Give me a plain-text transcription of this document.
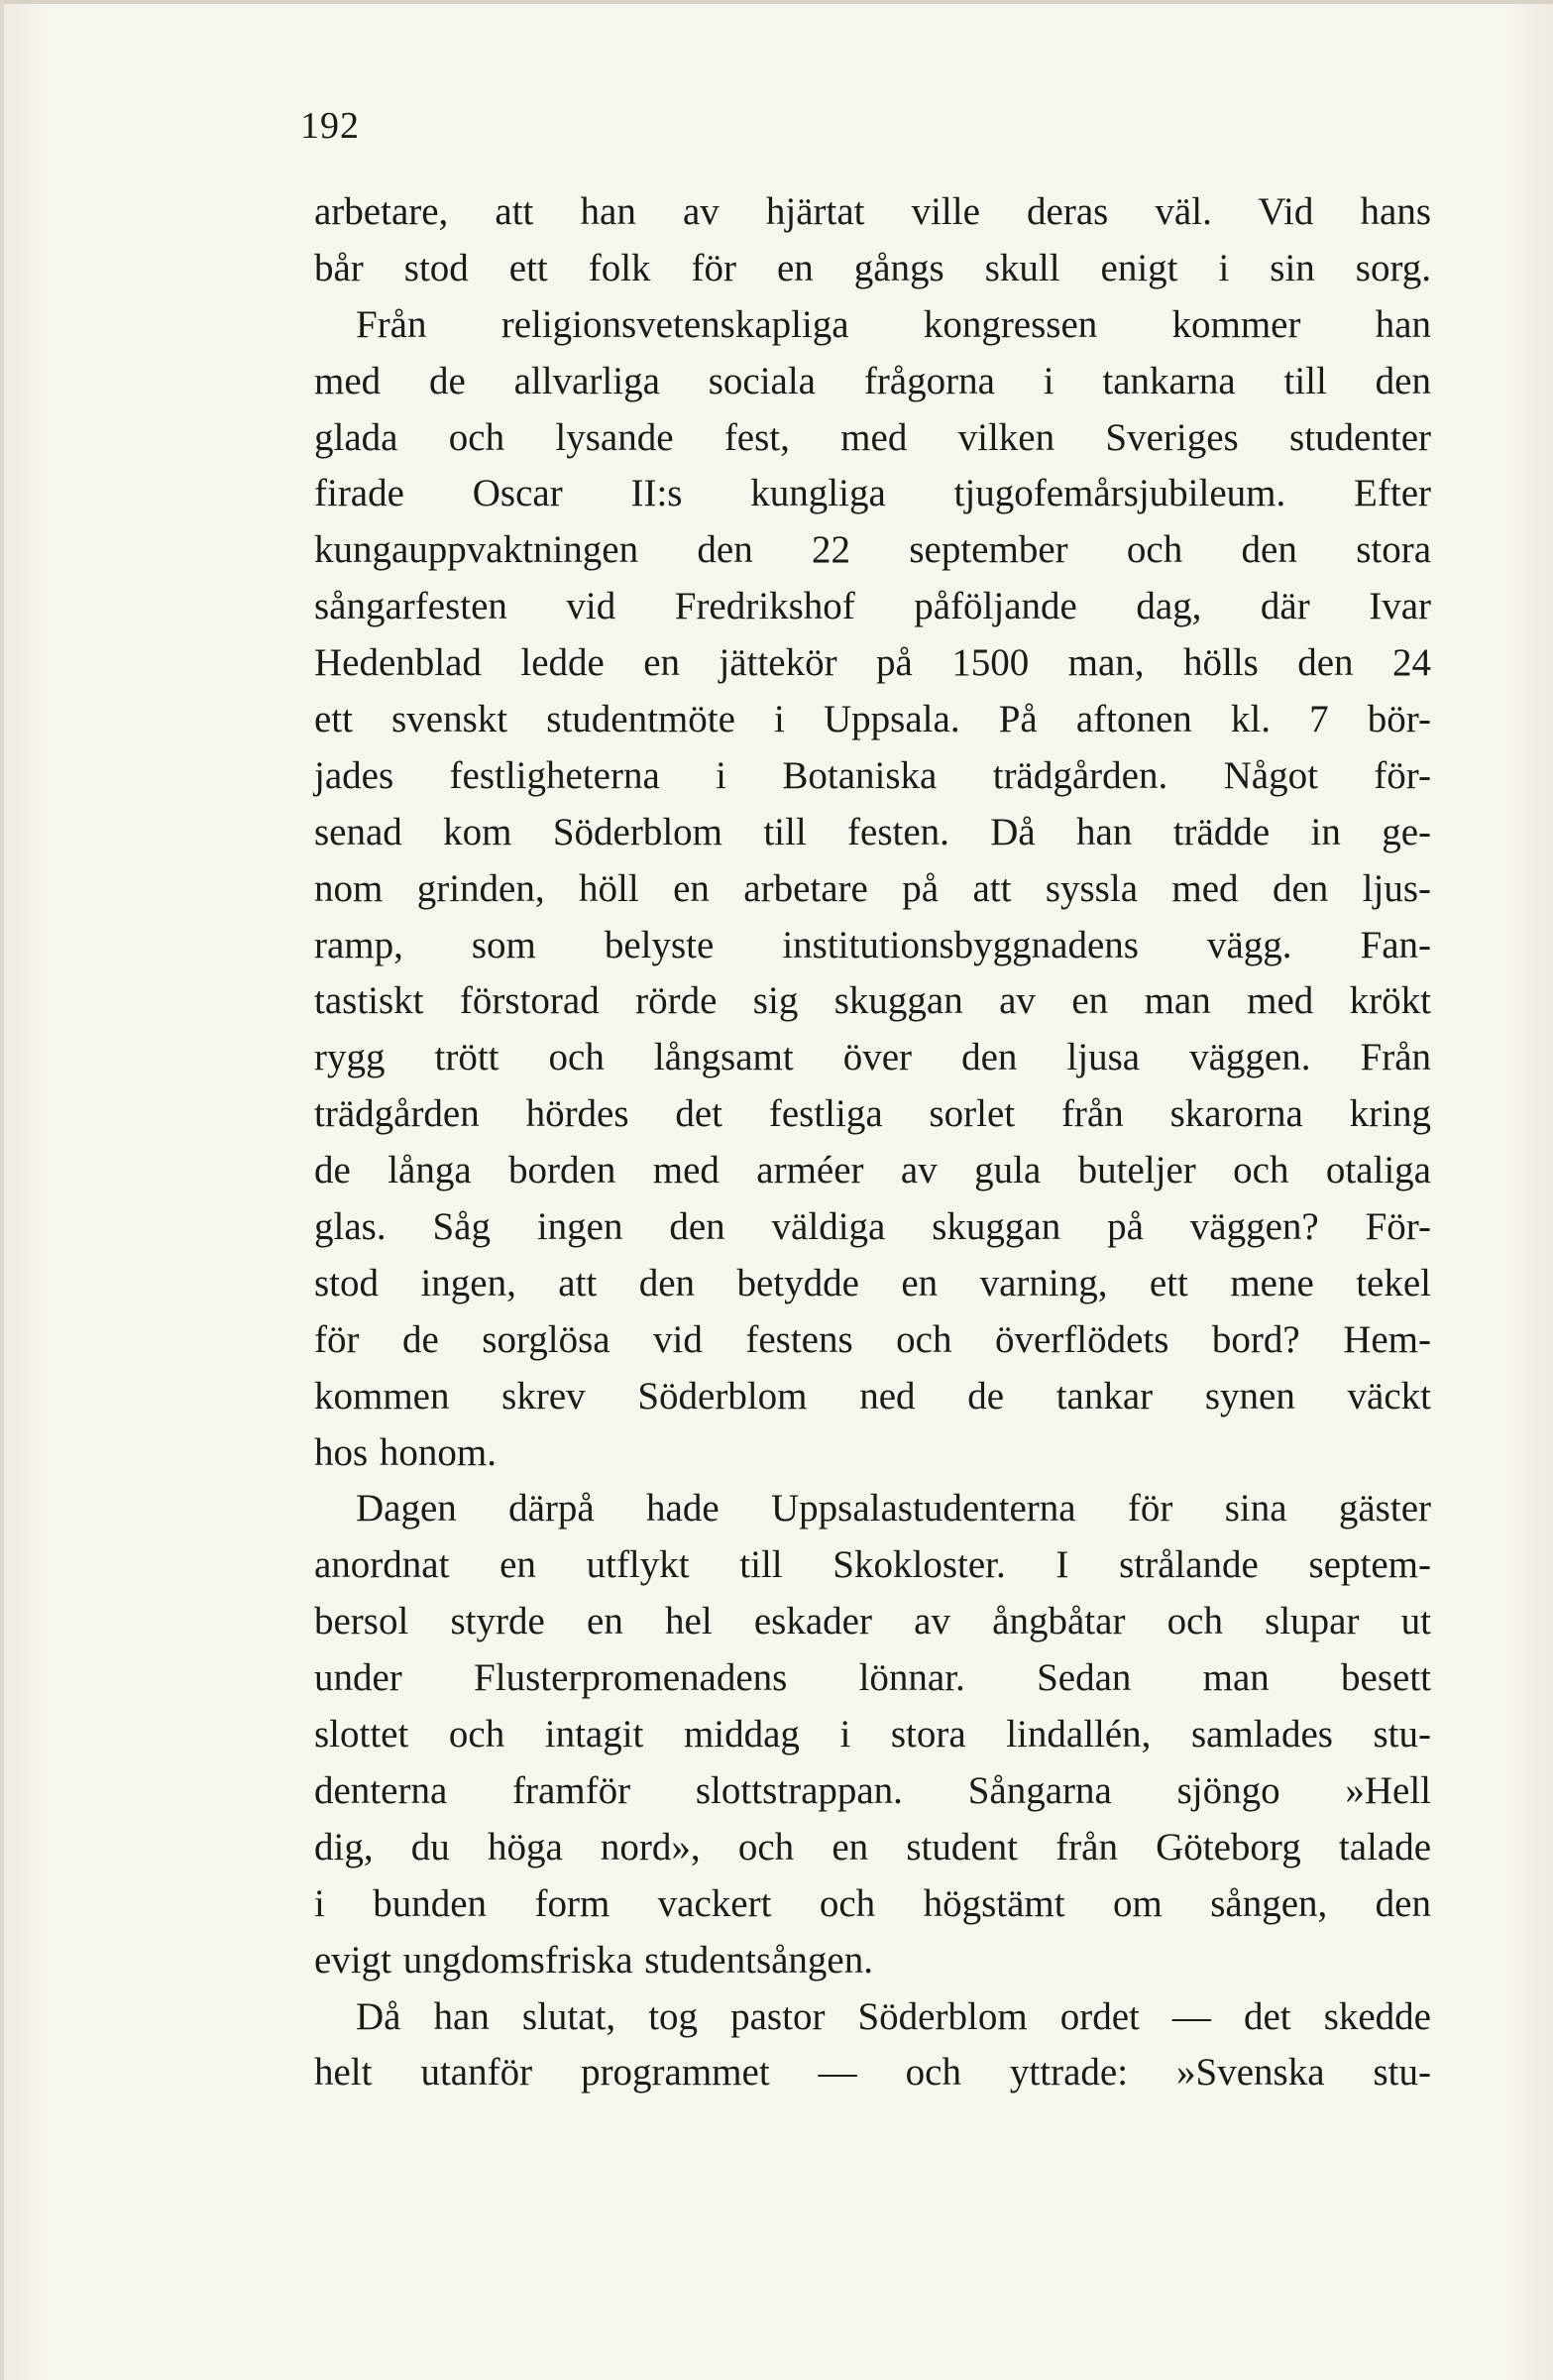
192
arbetare, att han av hjärtat ville deras väl. Vid hans
bår stod ett folk för en gångs skull enigt i sin sorg.
Från religionsvetenskapliga kongressen kommer han
med de allvarliga sociala frågorna i tankarna till den
glada och lysande fest, med vilken Sveriges studenter
firade Oscar II:s kungliga tjugofemårsjubileum. Efter
kungauppvaktningen den 22 september och den stora
sångarfesten vid Fredrikshof påföljande dag, där Ivar
Hedenblad ledde en jättekör på 1500 man, hölls den 24
ett svenskt studentmöte i Uppsala. På aftonen kl. 7 bör-
jades festligheterna i Botaniska trädgården. Något för-
senad kom Söderblom till festen. Då han trädde in ge-
nom grinden, höll en arbetare på att syssla med den ljus-
ramp, som belyste institutionsbyggnadens vägg. Fan-
tastiskt förstorad rörde sig skuggan av en man med krökt
rygg trött och långsamt över den ljusa väggen. Från
trädgården hördes det festliga sorlet från skarorna kring
de långa borden med arméer av gula buteljer och otaliga
glas. Såg ingen den väldiga skuggan på väggen? För-
stod ingen, att den betydde en varning, ett mene tekel
för de sorglösa vid festens och överflödets bord? Hem-
kommen skrev Söderblom ned de tankar synen väckt
hos honom.
Dagen därpå hade Uppsalastudenterna för sina gäster
anordnat en utflykt till Skokloster. I strålande septem-
bersol styrde en hel eskader av ångbåtar och slupar ut
under Flusterpromenadens lönnar. Sedan man besett
slottet och intagit middag i stora lindallén, samlades stu-
denterna framför slottstrappan. Sångarna sjöngo »Hell
dig, du höga nord», och en student från Göteborg talade
i bunden form vackert och högstämt om sången, den
evigt ungdomsfriska studentsången.
Då han slutat, tog pastor Söderblom ordet — det skedde
helt utanför programmet — och yttrade: »Svenska stu-
